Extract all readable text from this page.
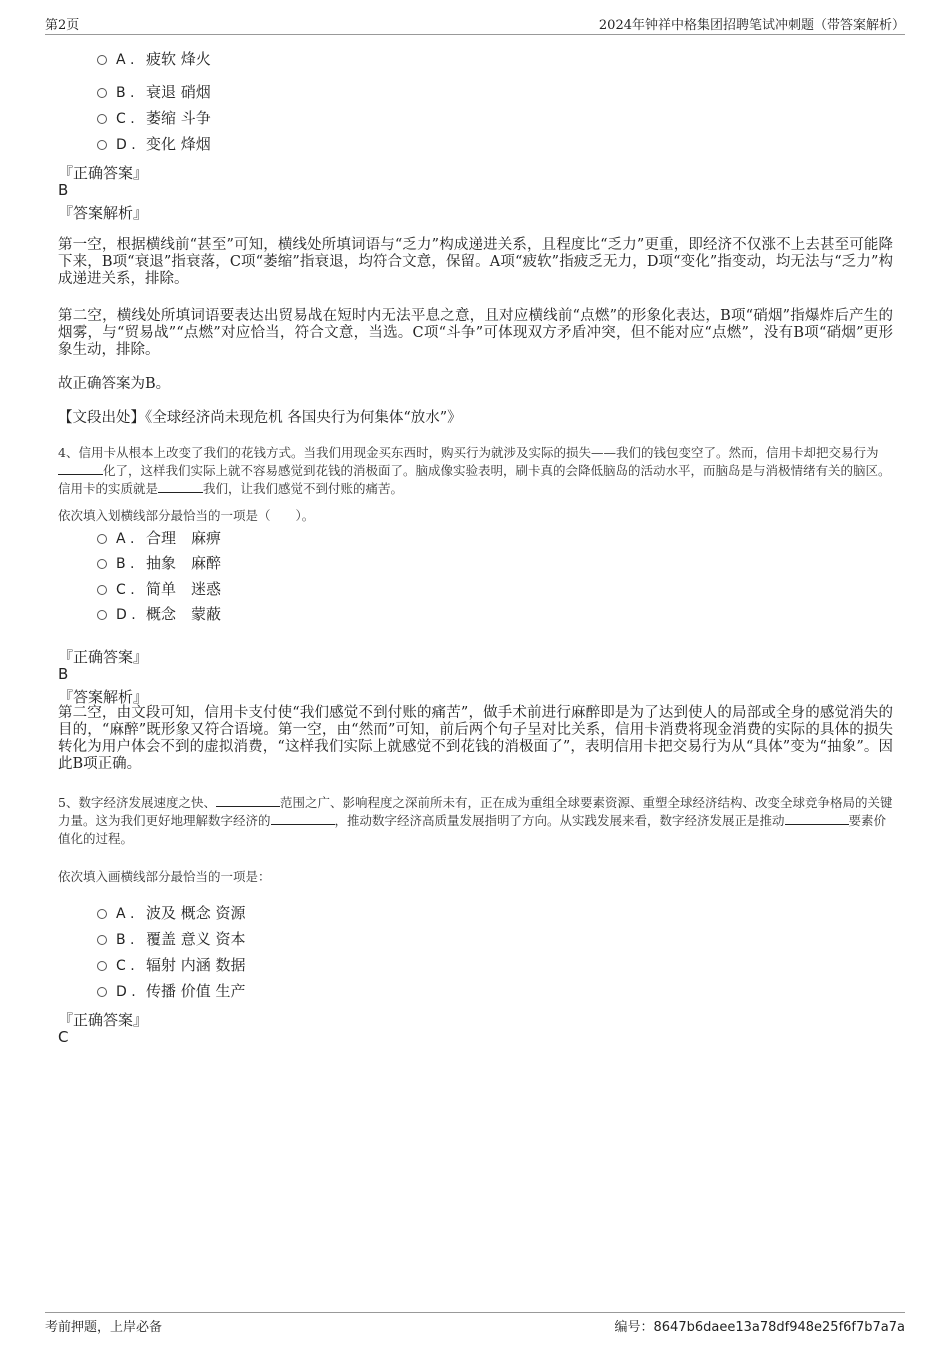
第2页	2024年钟祥中格集团招聘笔试冲刺题（带答案解析）
A . 疲软 烽火
B . 衰退 硝烟
C . 萎缩 斗争
D . 变化 烽烟
『正确答案』
B
『答案解析』
第一空，根据横线前“甚至”可知，横线处所填词语与“乏力”构成递进关系，且程度比“乏力”更重，即经济不仅涨不上去甚至可能降下来，B项“衰退”指衰落，C项“萎缩”指衰退，均符合文意，保留。A项“疲软”指疲乏无力，D项“变化”指变动，均无法与“乏力”构成递进关系，排除。
第二空，横线处所填词语要表达出贸易战在短时内无法平息之意，且对应横线前“点燃”的形象化表达，B项“硝烟”指爆炸后产生的烟雾，与“贸易战”“点燃”对应恰当，符合文意，当选。C项“斗争”可体现双方矛盾冲突，但不能对应“点燃”，没有B项“硝烟”更形象生动，排除。
故正确答案为B。
【文段出处】《全球经济尚未现危机 各国央行为何集体“放水”》
4、信用卡从根本上改变了我们的花钱方式。当我们用现金买东西时，购买行为就涉及实际的损失——我们的钱包变空了。然而，信用卡却把交易行为化了，这样我们实际上就不容易感觉到花钱的消极面了。脑成像实验表明，刷卡真的会降低脑岛的活动水平，而脑岛是与消极情绪有关的脑区。信用卡的实质就是	我们，让我们感觉不到付账的痛苦。
依次填入划横线部分最恰当的一项是（　　）。
A . 合理　麻痹
B . 抽象　麻醉
C . 简单　迷惑
D . 概念　蒙蔽
『正确答案』
B
『答案解析』
第二空，由文段可知，信用卡支付使“我们感觉不到付账的痛苦”，做手术前进行麻醉即是为了达到使人的局部或全身的感觉消失的目的，“麻醉”既形象又符合语境。第一空，由“然而”可知，前后两个句子呈对比关系，信用卡消费将现金消费的实际的具体的损失转化为用户体会不到的虚拟消费，“这样我们实际上就感觉不到花钱的消极面了”，表明信用卡把交易行为从“具体”变为“抽象”。因此B项正确。
5、数字经济发展速度之快、	范围之广、影响程度之深前所未有，正在成为重组全球要素资源、重塑全球经济结构、改变全球竞争格局的关键力量。这为我们更好地理解数字经济的	，推动数字经济高质量发展指明了方向。从实践发展来看，数字经济发展正是推动	要素价值化的过程。
依次填入画横线部分最恰当的一项是：
A . 波及 概念 资源
B . 覆盖 意义 资本
C . 辐射 内涵 数据
D . 传播 价值 生产
『正确答案』
C
考前押题，上岸必备	编号：8647b6daee13a78df948e25f6f7b7a7a
